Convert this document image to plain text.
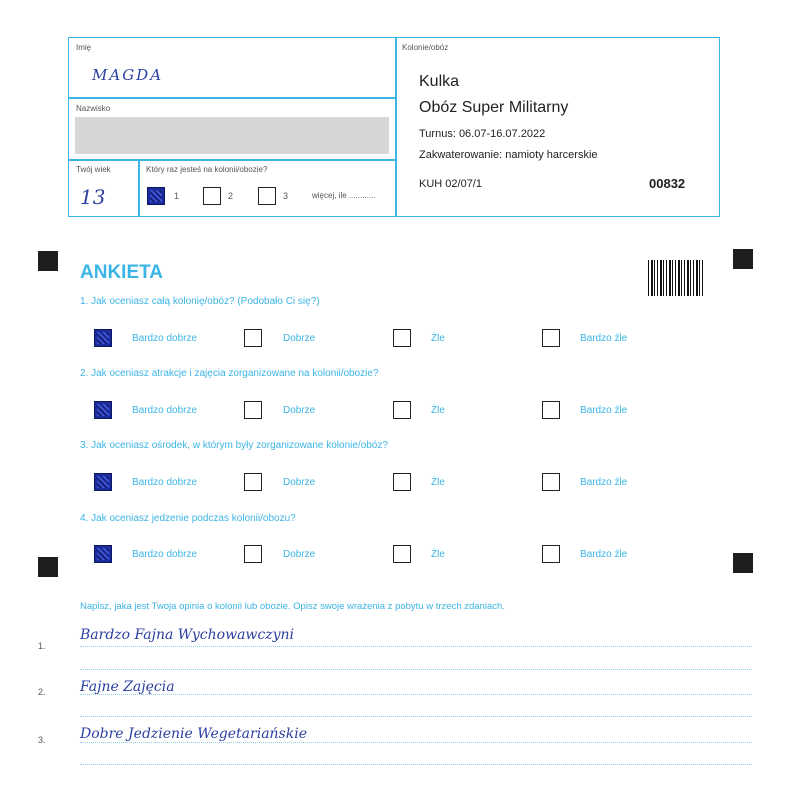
Imię
MAGDA
Nazwisko
Twój wiek
13
Który raz jesteś na kolonii/obozie?
1	2	3	więcej, ile ............
Kolonie/obóz
Kulka
Obóz Super Militarny
Turnus: 06.07-16.07.2022
Zakwaterowanie: namioty harcerskie
KUH 02/07/1	00832
ANKIETA
1. Jak oceniasz całą kolonię/obóz? (Podobało Ci się?)
Bardzo dobrze	Dobrze	Źle	Bardzo źle
2. Jak oceniasz atrakcje i zajęcia zorganizowane na kolonii/obozie?
Bardzo dobrze	Dobrze	Źle	Bardzo źle
3. Jak oceniasz ośrodek, w którym były zorganizowane kolonie/obóz?
Bardzo dobrze	Dobrze	Źle	Bardzo źle
4. Jak oceniasz jedzenie podczas kolonii/obozu?
Bardzo dobrze	Dobrze	Źle	Bardzo źle
Napisz, jaka jest Twoja opinia o kolonii lub obozie. Opisz swoje wrażenia z pobytu w trzech zdaniach.
1.
Bardzo Fajna Wychowawczyni
2. Fajne Zajęcia
3. Dobre Jedzienie Wegetariańskie
